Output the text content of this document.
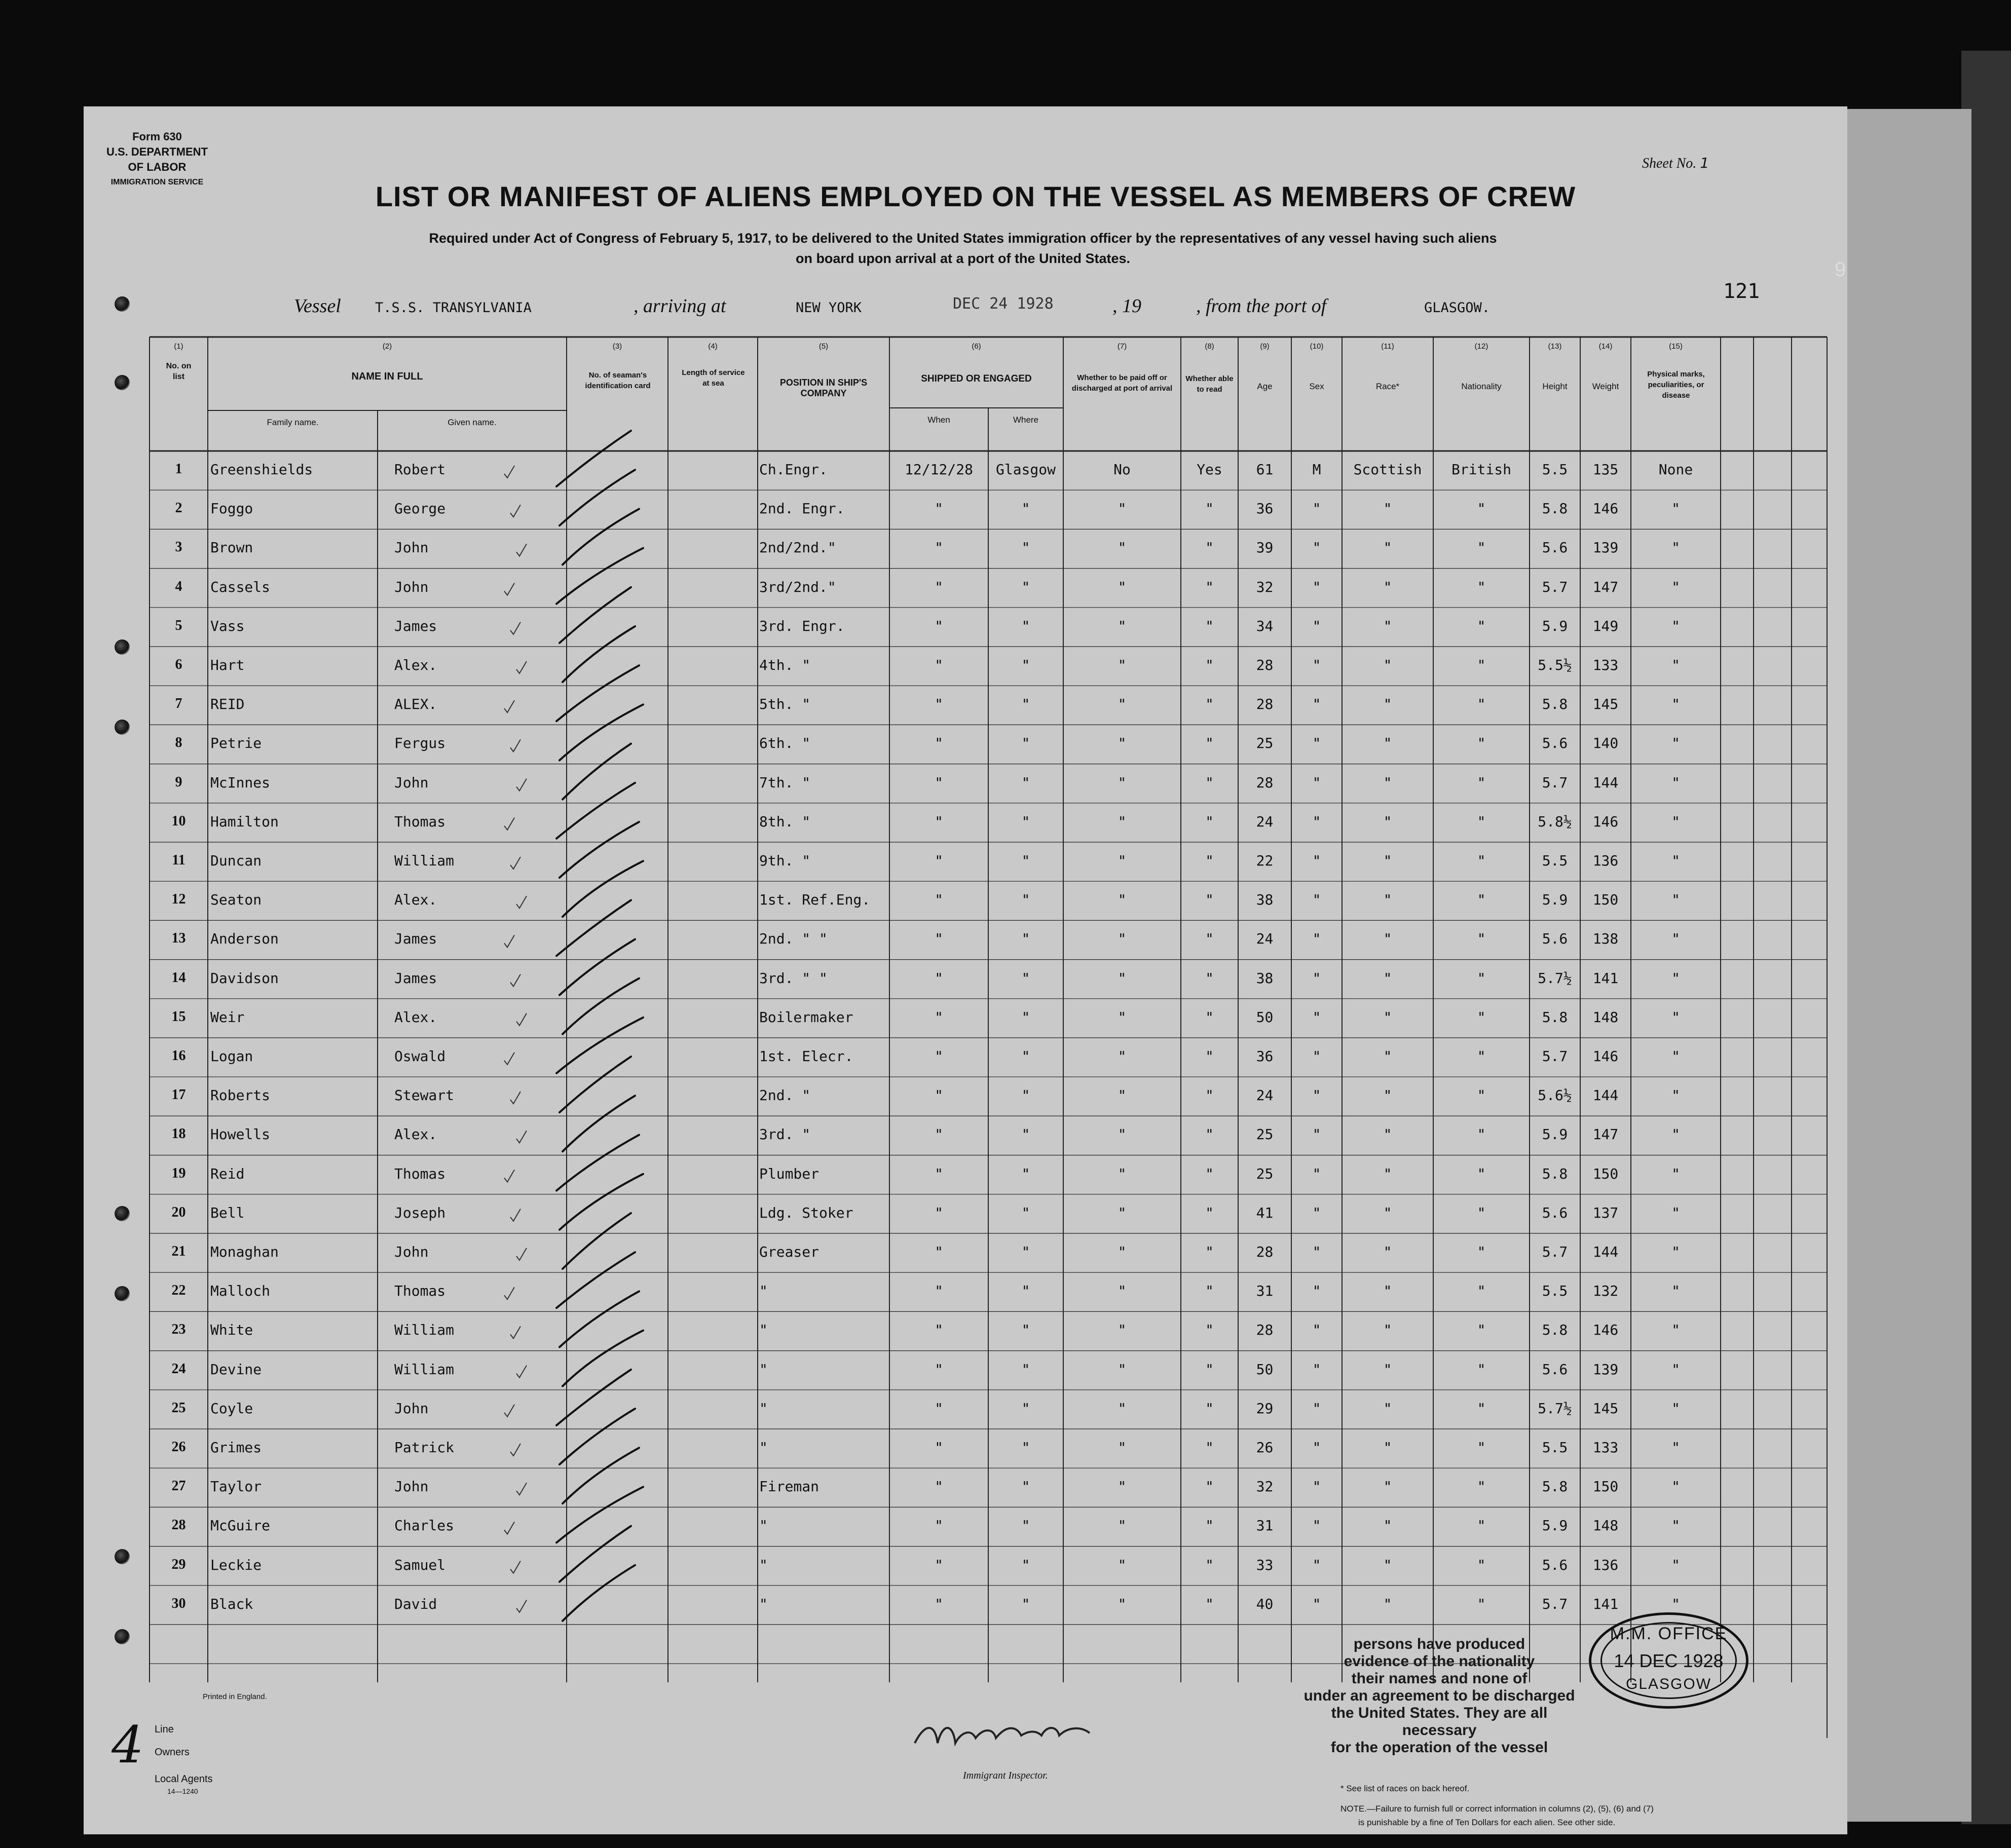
Form 630
U.S. DEPARTMENT OF LABOR
IMMIGRATION SERVICE
Sheet No. 1
LIST OR MANIFEST OF ALIENS EMPLOYED ON THE VESSEL AS MEMBERS OF CREW
Required under Act of Congress of February 5, 1917, to be delivered to the United States immigration officer by the representatives of any vessel having such aliens
on board upon arrival at a port of the United States.
Vessel T.S.S. TRANSYLVANIA	, arriving at	NEW YORK	DEC 24 1928	, 19	, from the port of	GLASGOW.
121
9
(1)
No. on list
(2)
NAME IN FULL
Family name.	Given name.
(3)
No. of seaman's identification card
(4)
Length of service at sea
(5)
POSITION IN SHIP'S COMPANY
(6)
SHIPPED OR ENGAGED
When	Where
(7)
Whether to be paid off or discharged at port of arrival
(8)
Whether able to read
(9)
Age
(10)
Sex
(11)
Race*
(12)
Nationality
(13)
Height
(14)
Weight
(15)
Physical marks, peculiarities, or disease
1	Greenshields	Robert	Ch.Engr.	12/12/28	Glasgow	No	Yes	61	M	Scottish	British	5.5	135	None
2	Foggo	George	2nd. Engr.	"	"	"	"	36	"	"	"	5.8	146	"
3	Brown	John	2nd/2nd."	"	"	"	"	39	"	"	"	5.6	139	"
4	Cassels	John	3rd/2nd."	"	"	"	"	32	"	"	"	5.7	147	"
5	Vass	James	3rd. Engr.	"	"	"	"	34	"	"	"	5.9	149	"
6	Hart	Alex.	4th. "	"	"	"	"	28	"	"	"	5.5½	133	"
7	REID	ALEX.	5th. "	"	"	"	"	28	"	"	"	5.8	145	"
8	Petrie	Fergus	6th. "	"	"	"	"	25	"	"	"	5.6	140	"
9	McInnes	John	7th. "	"	"	"	"	28	"	"	"	5.7	144	"
10	Hamilton	Thomas	8th. "	"	"	"	"	24	"	"	"	5.8½	146	"
11	Duncan	William	9th. "	"	"	"	"	22	"	"	"	5.5	136	"
12	Seaton	Alex.	1st. Ref.Eng.	"	"	"	"	38	"	"	"	5.9	150	"
13	Anderson	James	2nd. " "	"	"	"	"	24	"	"	"	5.6	138	"
14	Davidson	James	3rd. " "	"	"	"	"	38	"	"	"	5.7½	141	"
15	Weir	Alex.	Boilermaker	"	"	"	"	50	"	"	"	5.8	148	"
16	Logan	Oswald	1st. Elecr.	"	"	"	"	36	"	"	"	5.7	146	"
17	Roberts	Stewart	2nd. "	"	"	"	"	24	"	"	"	5.6½	144	"
18	Howells	Alex.	3rd. "	"	"	"	"	25	"	"	"	5.9	147	"
19	Reid	Thomas	Plumber	"	"	"	"	25	"	"	"	5.8	150	"
20	Bell	Joseph	Ldg. Stoker	"	"	"	"	41	"	"	"	5.6	137	"
21	Monaghan	John	Greaser	"	"	"	"	28	"	"	"	5.7	144	"
22	Malloch	Thomas	"	"	"	"	"	31	"	"	"	5.5	132	"
23	White	William	"	"	"	"	"	28	"	"	"	5.8	146	"
24	Devine	William	"	"	"	"	"	50	"	"	"	5.6	139	"
25	Coyle	John	"	"	"	"	"	29	"	"	"	5.7½	145	"
26	Grimes	Patrick	"	"	"	"	"	26	"	"	"	5.5	133	"
27	Taylor	John	Fireman	"	"	"	"	32	"	"	"	5.8	150	"
28	McGuire	Charles	"	"	"	"	"	31	"	"	"	5.9	148	"
29	Leckie	Samuel	"	"	"	"	"	33	"	"	"	5.6	136	"
30	Black	David	"	"	"	"	"	40	"	"	"	5.7	141	"
Printed in England.
Line
Owners
Local Agents
14—1240
4
Immigrant Inspector.
* See list of races on back hereof.
NOTE.—Failure to furnish full or correct information in columns (2), (5), (6) and (7)
is punishable by a fine of Ten Dollars for each alien. See other side.
persons have produced
evidence of the nationality
their names and none of
under an agreement to be discharged
the United States. They are all necessary
for the operation of the vessel
M.M. OFFICE
14 DEC 1928
GLASGOW
